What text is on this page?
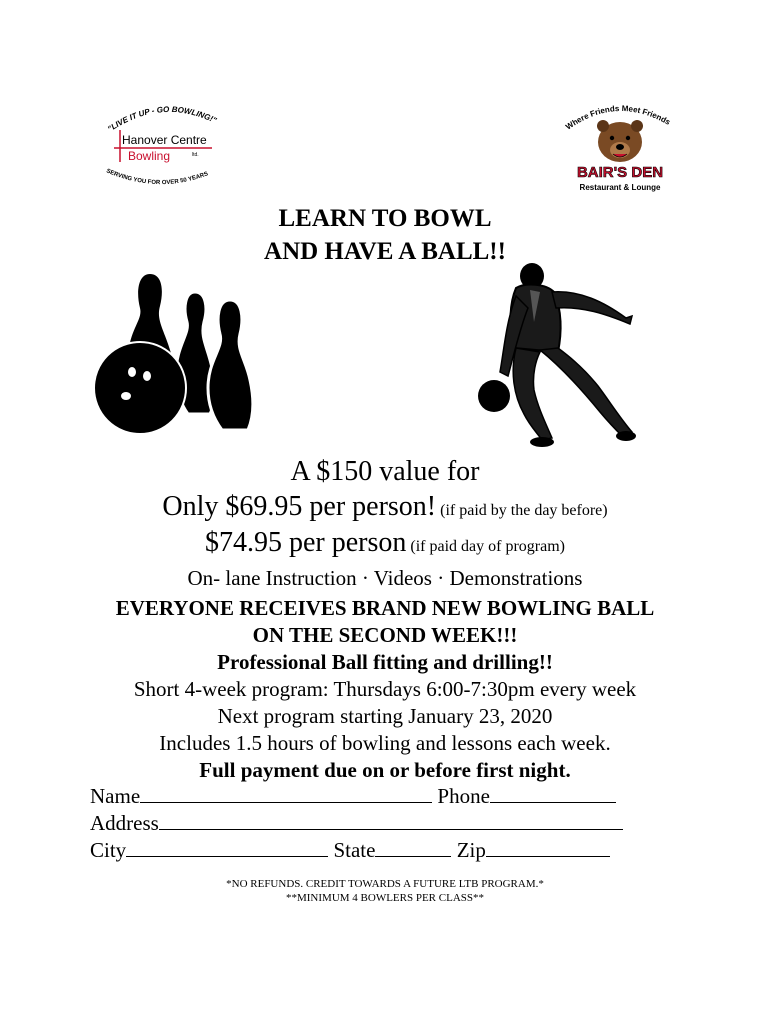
"LIVE IT UP - GO BOWLING!"
Hanover Centre
Bowling	ltd.
SERVING YOU FOR OVER 50 YEARS
Where Friends Meet Friends
BAIR'S DEN
Restaurant & Lounge
LEARN TO BOWL
AND HAVE A BALL!!
A $150 value for
Only $69.95 per person! (if paid by the day before)
$74.95 per person (if paid day of program)
On- lane Instruction · Videos · Demonstrations
EVERYONE RECEIVES BRAND NEW BOWLING BALL
ON THE SECOND WEEK!!!
Professional Ball fitting and drilling!!
Short 4-week program: Thursdays 6:00-7:30pm every week
Next program starting January 23, 2020
Includes 1.5 hours of bowling and lessons each week.
Full payment due on or before first night.
Name	Phone
Address
City	State	Zip
*NO REFUNDS. CREDIT TOWARDS A FUTURE LTB PROGRAM.*
**MINIMUM 4 BOWLERS PER CLASS**
